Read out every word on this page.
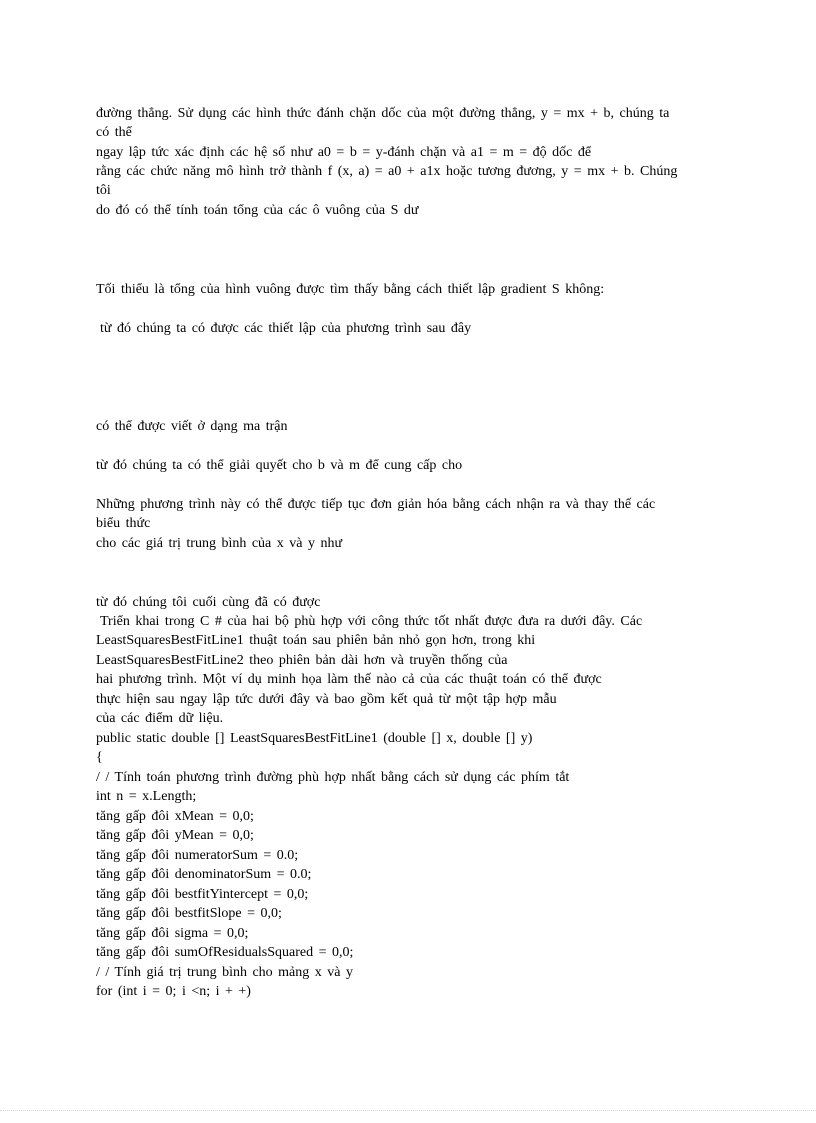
đường thẳng. Sử dụng các hình thức đánh chặn dốc của một đường thẳng, y = mx + b, chúng ta
có thể
ngay lập tức xác định các hệ số như a0 = b = y-đánh chặn và a1 = m = độ dốc để
rằng các chức năng mô hình trở thành f (x, a) = a0 + a1x hoặc tương đương, y = mx + b. Chúng
tôi
do đó có thể tính toán tổng của các ô vuông của S dư
Tối thiểu là tổng của hình vuông được tìm thấy bằng cách thiết lập gradient S không:
từ đó chúng ta có được các thiết lập của phương trình sau đây
có thể được viết ở dạng ma trận
từ đó chúng ta có thể giải quyết cho b và m để cung cấp cho
Những phương trình này có thể được tiếp tục đơn giản hóa bằng cách nhận ra và thay thế các
biểu thức
cho các giá trị trung bình của x và y như
từ đó chúng tôi cuối cùng đã có được
Triển khai trong C # của hai bộ phù hợp với công thức tốt nhất được đưa ra dưới đây. Các
LeastSquaresBestFitLine1 thuật toán sau phiên bản nhỏ gọn hơn, trong khi
LeastSquaresBestFitLine2 theo phiên bản dài hơn và truyền thống của
hai phương trình. Một ví dụ minh họa làm thế nào cả của các thuật toán có thể được
thực hiện sau ngay lập tức dưới đây và bao gồm kết quả từ một tập hợp mẫu
của các điểm dữ liệu.
public static double [] LeastSquaresBestFitLine1 (double [] x, double [] y)
{
/ / Tính toán phương trình đường phù hợp nhất bằng cách sử dụng các phím tắt
int n = x.Length;
tăng gấp đôi xMean = 0,0;
tăng gấp đôi yMean = 0,0;
tăng gấp đôi numeratorSum = 0.0;
tăng gấp đôi denominatorSum = 0.0;
tăng gấp đôi bestfitYintercept = 0,0;
tăng gấp đôi bestfitSlope = 0,0;
tăng gấp đôi sigma = 0,0;
tăng gấp đôi sumOfResidualsSquared = 0,0;
/ / Tính giá trị trung bình cho mảng x và y
for (int i = 0; i <n; i + +)
